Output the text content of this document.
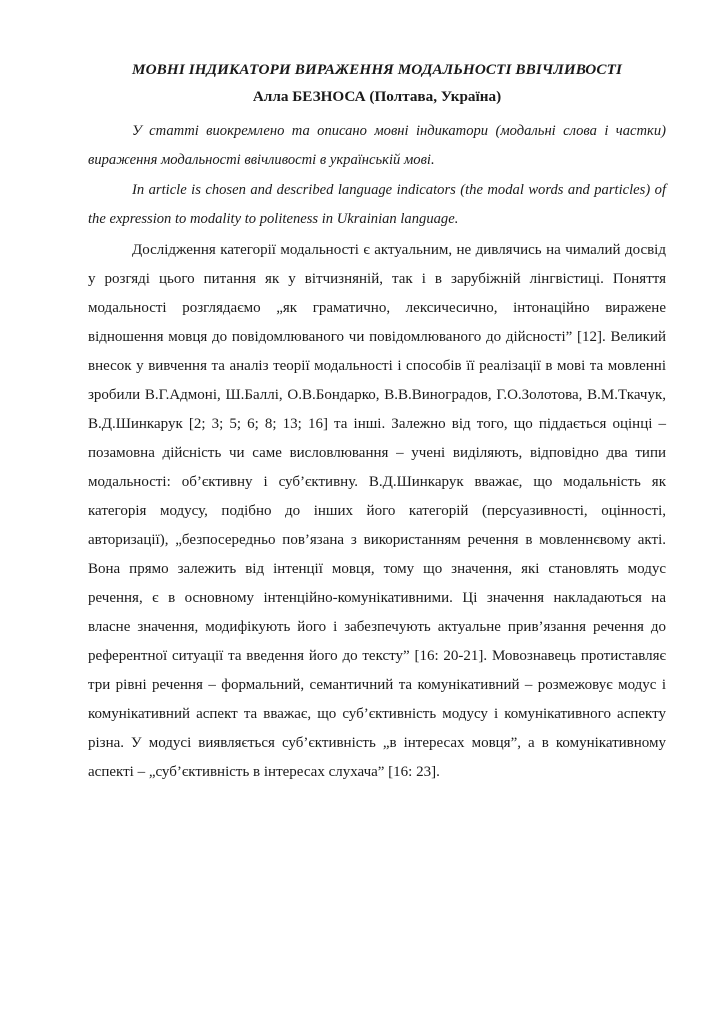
МОВНІ ІНДИКАТОРИ ВИРАЖЕННЯ МОДАЛЬНОСТІ ВВІЧЛИВОСТІ
Алла БЕЗНОСА (Полтава, Україна)

У статті виокремлено та описано мовні індикатори (модальні слова і частки) вираження модальності ввічливості в українській мові.

In article is chosen and described language indicators (the modal words and particles) of the expression to modality to politeness in Ukrainian language.

Дослідження категорії модальності є актуальним, не дивлячись на чималий досвід у розгяді цього питання як у вітчизняній, так і в зарубіжній лінгвістиці. Поняття модальності розглядаємо „як граматично, лексичесично, інтонаційно виражене відношення мовця до повідомлюваного чи повідомлюваного до дійсності” [12]. Великий внесок у вивчення та аналіз теорії модальності і способів її реалізації в мові та мовленні зробили В.Г.Адмоні, Ш.Баллі, О.В.Бондарко, В.В.Виноградов, Г.О.Золотова, В.М.Ткачук, В.Д.Шинкарук [2; 3; 5; 6; 8; 13; 16] та інші. Залежно від того, що піддається оцінці – позамовна дійсність чи саме висловлювання – учені виділяють, відповідно два типи модальності: об’єктивну і суб’єктивну. В.Д.Шинкарук вважає, що модальність як категорія модусу, подібно до інших його категорій (персуазивності, оцінності, авторизації), „безпосередньо пов’язана з використанням речення в мовленнєвому акті. Вона прямо залежить від інтенції мовця, тому що значення, які становлять модус речення, є в основному інтенційно-комунікативними. Ці значення накладаються на власне значення, модифікують його і забезпечують актуальне прив’язання речення до референтної ситуації та введення його до тексту” [16: 20-21]. Мовознавець протиставляє три рівні речення – формальний, семантичний та комунікативний – розмежовує модус і комунікативний аспект та вважає, що суб’єктивність модусу і комунікативного аспекту різна. У модусі виявляється суб’єктивність „в інтересах мовця”, а в комунікативному аспекті – „суб’єктивність в інтересах слухача” [16: 23].
